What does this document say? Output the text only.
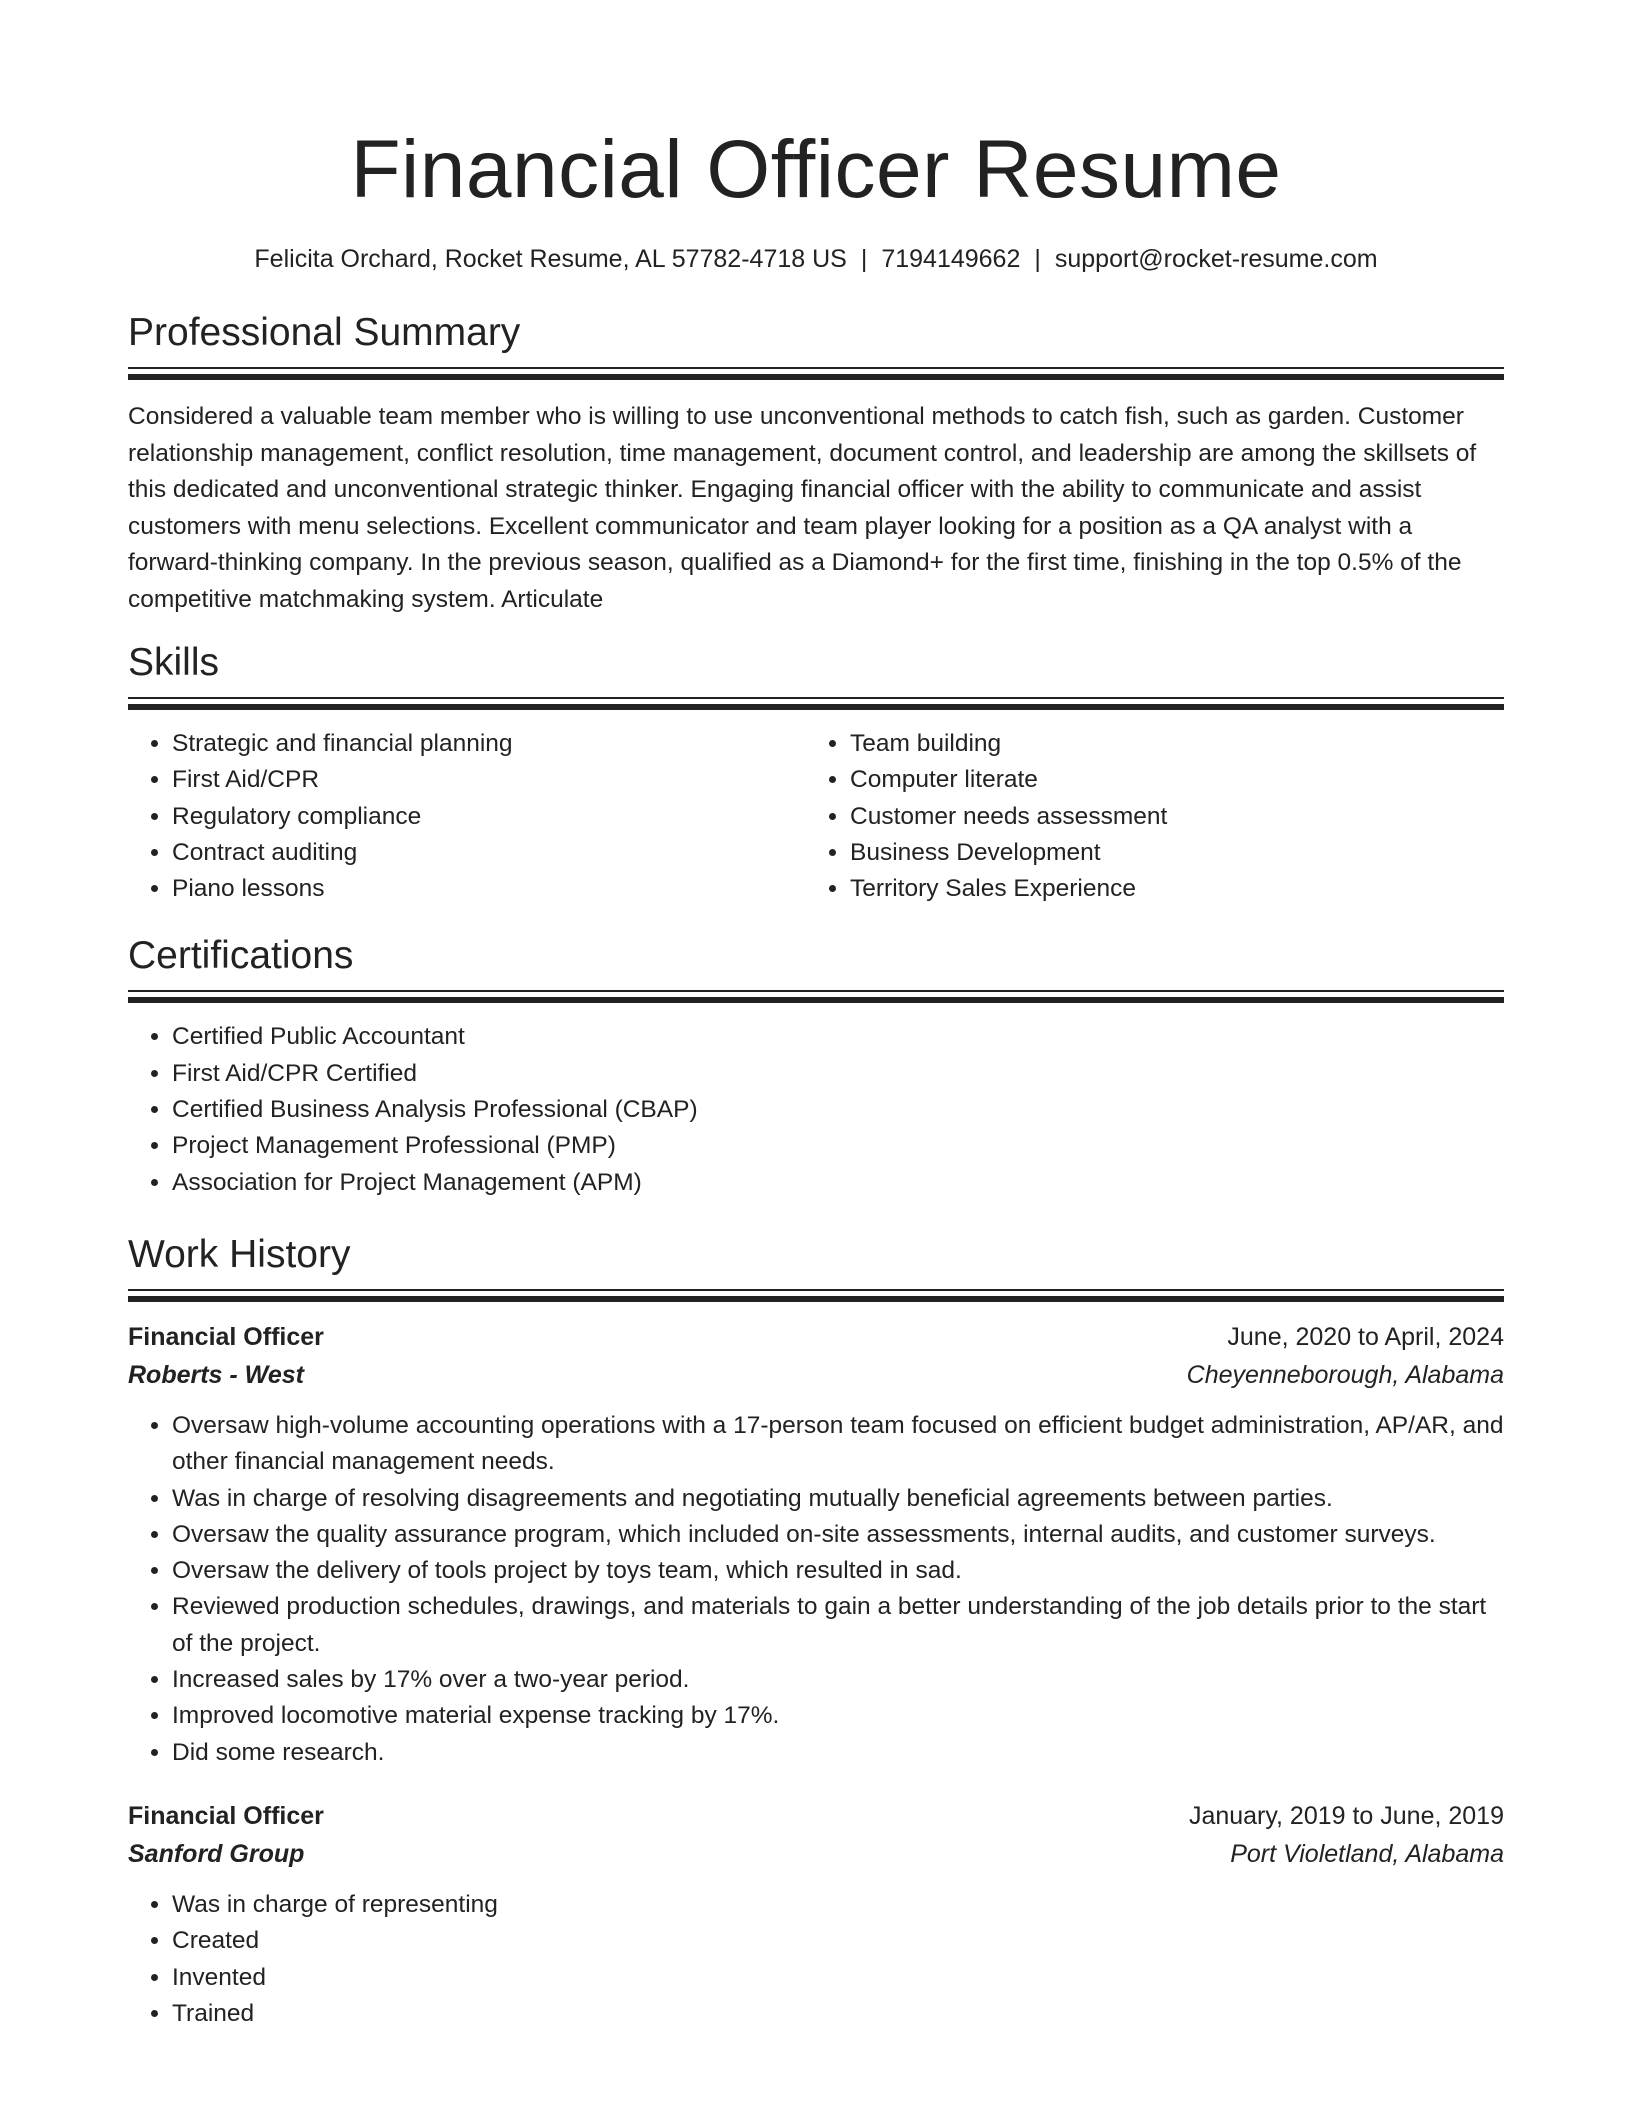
Financial Officer Resume
Felicita Orchard, Rocket Resume, AL 57782-4718 US | 7194149662 | support@rocket-resume.com
Professional Summary

Considered a valuable team member who is willing to use unconventional methods to catch fish, such as garden. Customer relationship management, conflict resolution, time management, document control, and leadership are among the skillsets of this dedicated and unconventional strategic thinker. Engaging financial officer with the ability to communicate and assist customers with menu selections. Excellent communicator and team player looking for a position as a QA analyst with a forward-thinking company. In the previous season, qualified as a Diamond+ for the first time, finishing in the top 0.5% of the competitive matchmaking system. Articulate

Skills
• Strategic and financial planning
• First Aid/CPR
• Regulatory compliance
• Contract auditing
• Piano lessons
• Team building
• Computer literate
• Customer needs assessment
• Business Development
• Territory Sales Experience
Certifications
• Certified Public Accountant
• First Aid/CPR Certified
• Certified Business Analysis Professional (CBAP)
• Project Management Professional (PMP)
• Association for Project Management (APM)
Work History
Financial Officer	June, 2020 to April, 2024
Roberts - West	Cheyenneborough, Alabama
• Oversaw high-volume accounting operations with a 17-person team focused on efficient budget administration, AP/AR, and other financial management needs.
• Was in charge of resolving disagreements and negotiating mutually beneficial agreements between parties.
• Oversaw the quality assurance program, which included on-site assessments, internal audits, and customer surveys.
• Oversaw the delivery of tools project by toys team, which resulted in sad.
• Reviewed production schedules, drawings, and materials to gain a better understanding of the job details prior to the start of the project.
• Increased sales by 17% over a two-year period.
• Improved locomotive material expense tracking by 17%.
• Did some research.
Financial Officer	January, 2019 to June, 2019
Sanford Group	Port Violetland, Alabama
• Was in charge of representing
• Created
• Invented
• Trained
